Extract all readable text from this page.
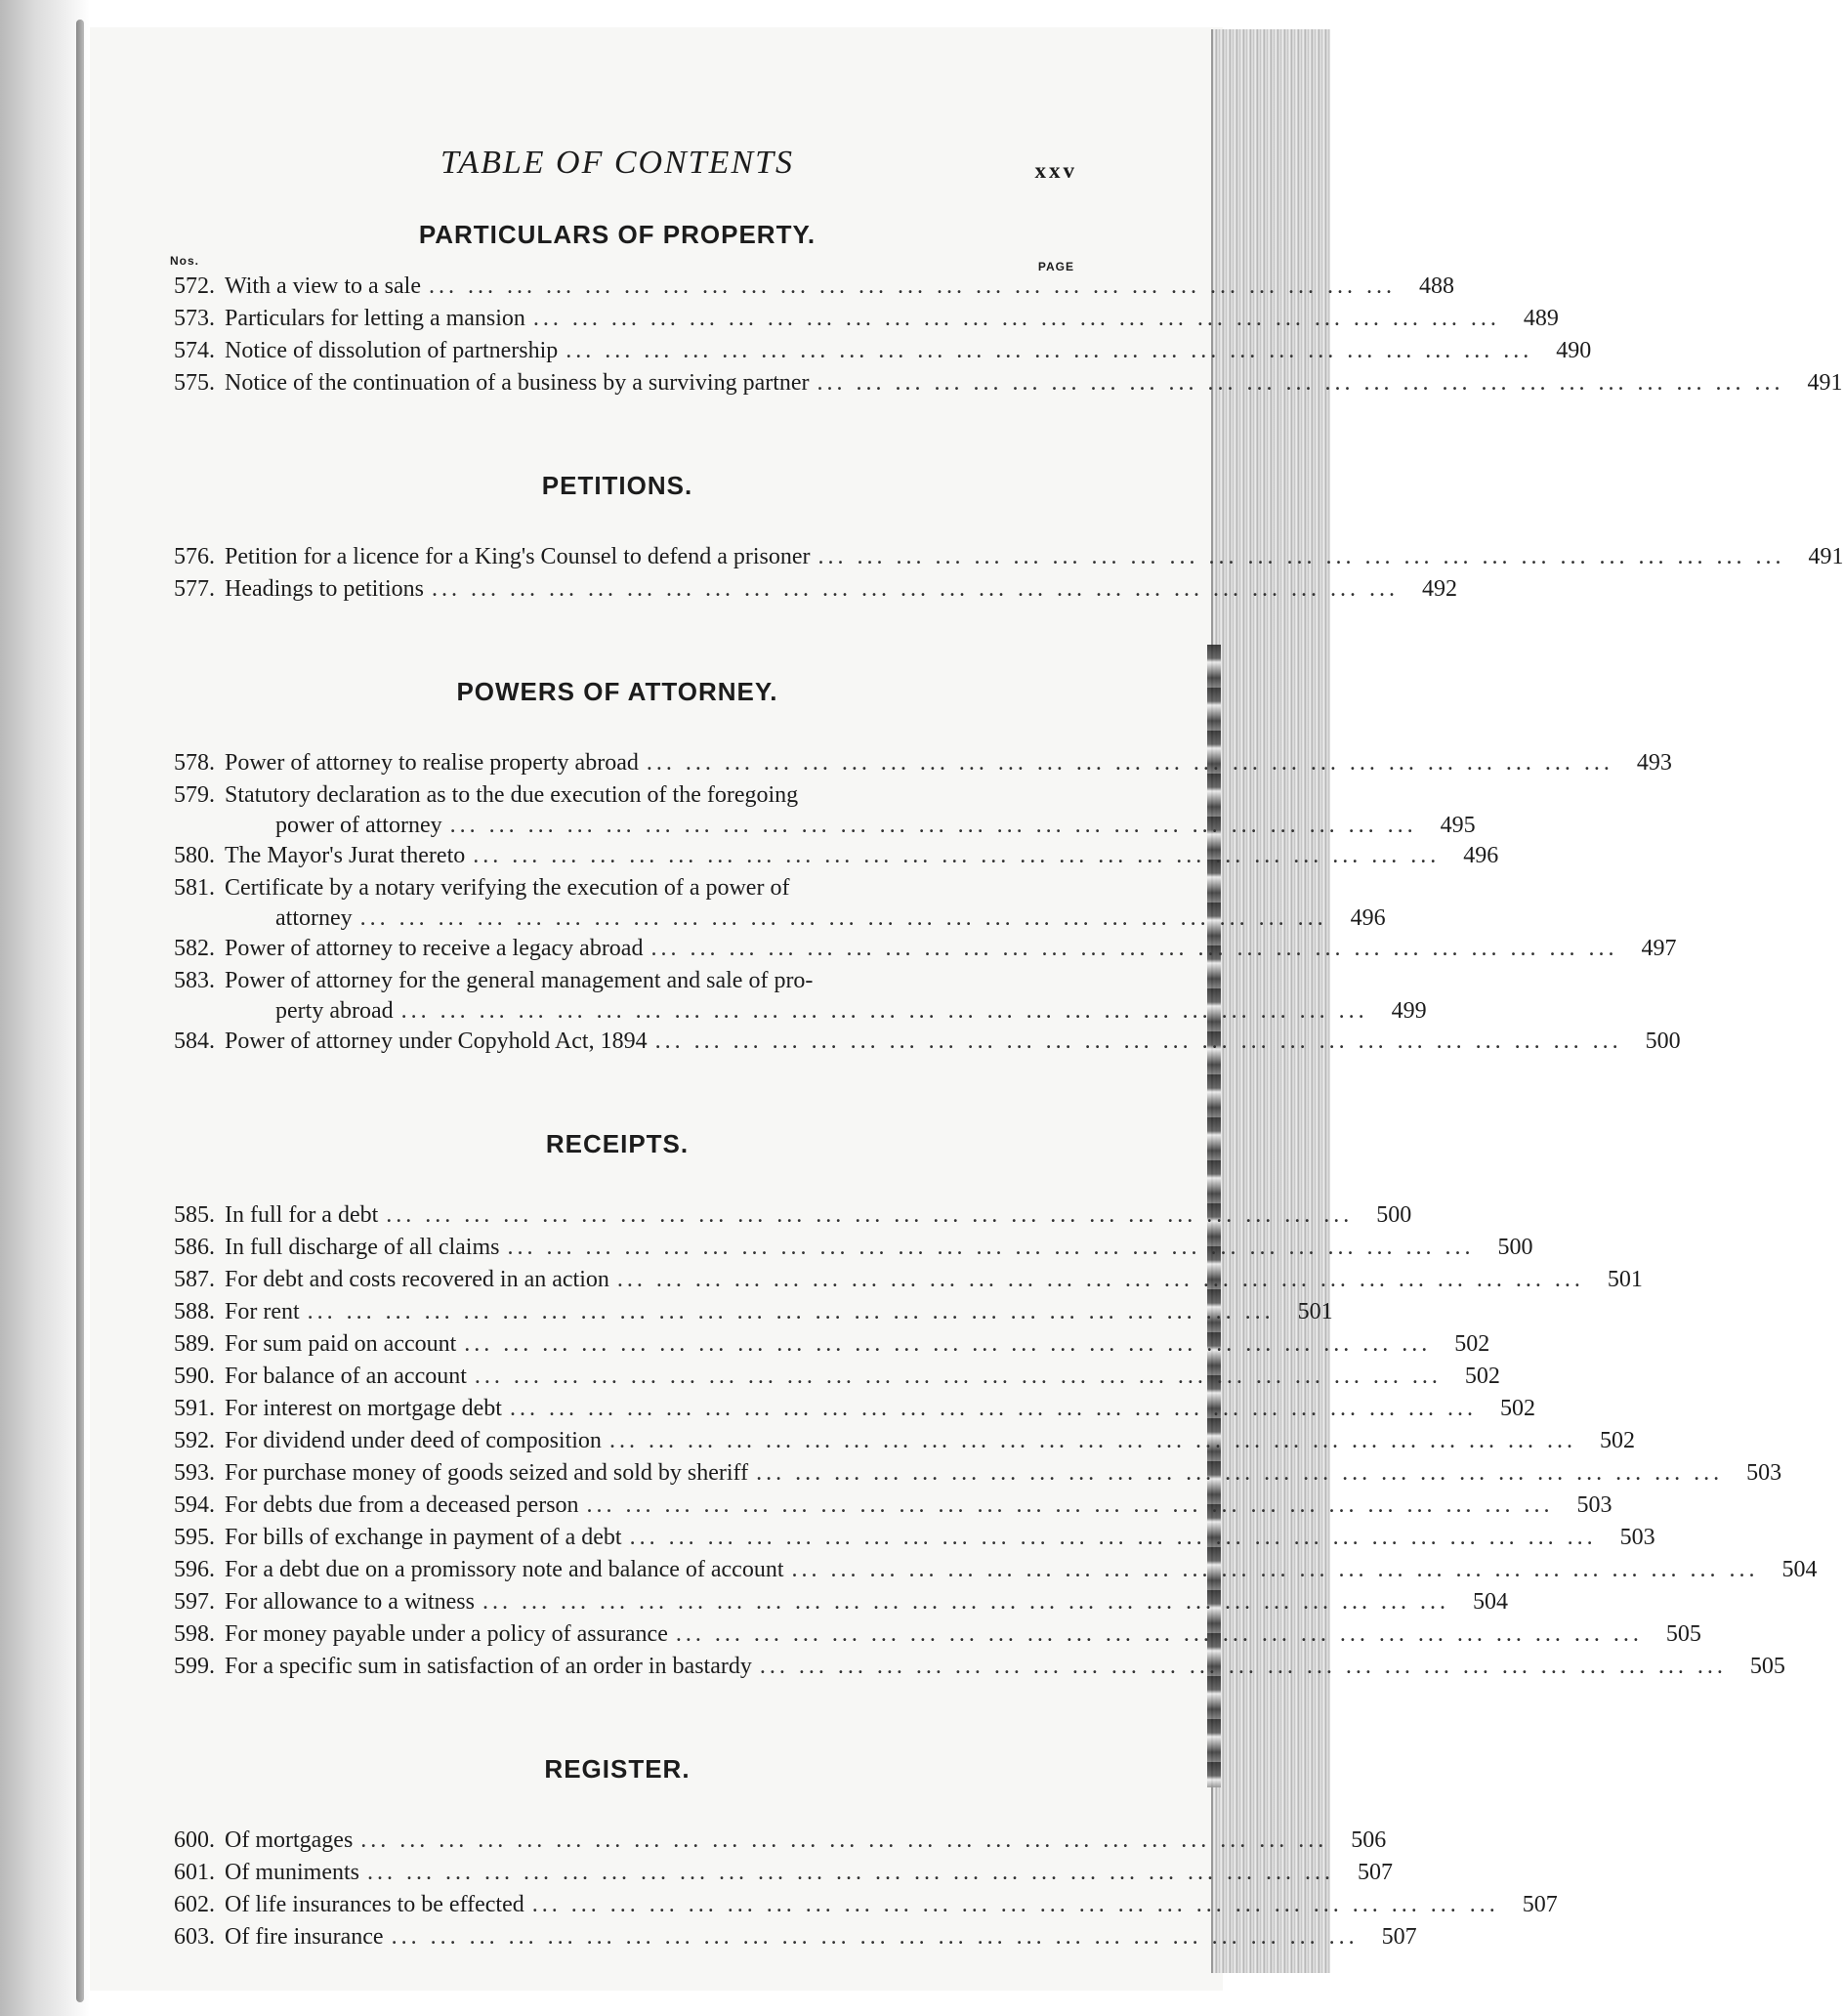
TABLE OF CONTENTS	xxv
PARTICULARS OF PROPERTY.
Nos.	PAGE
572. With a view to a sale ... ... ... ... ... ... ... ... ... ... ... ... ... ... ... ... ... ... ... ... ... ... ... ... ...	488
573. Particulars for letting a mansion ... ... ... ... ... ... ... ... ... ... ... ... ... ... ... ... ... ... ... ... ... ... ... ... ...	489
574. Notice of dissolution of partnership ... ... ... ... ... ... ... ... ... ... ... ... ... ... ... ... ... ... ... ... ... ... ... ... ...	490
575. Notice of the continuation of a business by a surviving partner ... ... ... ... ... ... ... ... ... ... ... ... ... ... ... ... ... ... ... ... ... ... ... ... ...	491
PETITIONS.
576. Petition for a licence for a King's Counsel to defend a prisoner ... ... ... ... ... ... ... ... ... ... ... ... ... ... ... ... ... ... ... ... ... ... ... ... ...	491
577. Headings to petitions ... ... ... ... ... ... ... ... ... ... ... ... ... ... ... ... ... ... ... ... ... ... ... ... ...	492
POWERS OF ATTORNEY.
578. Power of attorney to realise property abroad ... ... ... ... ... ... ... ... ... ... ... ... ... ... ... ... ... ... ... ... ... ... ... ... ...	493
579. Statutory declaration as to the due execution of the foregoing
power of attorney ... ... ... ... ... ... ... ... ... ... ... ... ... ... ... ... ... ... ... ... ... ... ... ... ...	495
580. The Mayor's Jurat thereto ... ... ... ... ... ... ... ... ... ... ... ... ... ... ... ... ... ... ... ... ... ... ... ... ...	496
581. Certificate by a notary verifying the execution of a power of
attorney ... ... ... ... ... ... ... ... ... ... ... ... ... ... ... ... ... ... ... ... ... ... ... ... ...	496
582. Power of attorney to receive a legacy abroad ... ... ... ... ... ... ... ... ... ... ... ... ... ... ... ... ... ... ... ... ... ... ... ... ...	497
583. Power of attorney for the general management and sale of pro-
perty abroad ... ... ... ... ... ... ... ... ... ... ... ... ... ... ... ... ... ... ... ... ... ... ... ... ...	499
584. Power of attorney under Copyhold Act, 1894 ... ... ... ... ... ... ... ... ... ... ... ... ... ... ... ... ... ... ... ... ... ... ... ... ...	500
RECEIPTS.
585. In full for a debt ... ... ... ... ... ... ... ... ... ... ... ... ... ... ... ... ... ... ... ... ... ... ... ... ...	500
586. In full discharge of all claims ... ... ... ... ... ... ... ... ... ... ... ... ... ... ... ... ... ... ... ... ... ... ... ... ...	500
587. For debt and costs recovered in an action ... ... ... ... ... ... ... ... ... ... ... ... ... ... ... ... ... ... ... ... ... ... ... ... ...	501
588. For rent ... ... ... ... ... ... ... ... ... ... ... ... ... ... ... ... ... ... ... ... ... ... ... ... ...	501
589. For sum paid on account ... ... ... ... ... ... ... ... ... ... ... ... ... ... ... ... ... ... ... ... ... ... ... ... ...	502
590. For balance of an account ... ... ... ... ... ... ... ... ... ... ... ... ... ... ... ... ... ... ... ... ... ... ... ... ...	502
591. For interest on mortgage debt ... ... ... ... ... ... ... ... ... ... ... ... ... ... ... ... ... ... ... ... ... ... ... ... ...	502
592. For dividend under deed of composition ... ... ... ... ... ... ... ... ... ... ... ... ... ... ... ... ... ... ... ... ... ... ... ... ...	502
593. For purchase money of goods seized and sold by sheriff ... ... ... ... ... ... ... ... ... ... ... ... ... ... ... ... ... ... ... ... ... ... ... ... ...	503
594. For debts due from a deceased person ... ... ... ... ... ... ... ... ... ... ... ... ... ... ... ... ... ... ... ... ... ... ... ... ...	503
595. For bills of exchange in payment of a debt ... ... ... ... ... ... ... ... ... ... ... ... ... ... ... ... ... ... ... ... ... ... ... ... ...	503
596. For a debt due on a promissory note and balance of account ... ... ... ... ... ... ... ... ... ... ... ... ... ... ... ... ... ... ... ... ... ... ... ... ...	504
597. For allowance to a witness ... ... ... ... ... ... ... ... ... ... ... ... ... ... ... ... ... ... ... ... ... ... ... ... ...	504
598. For money payable under a policy of assurance ... ... ... ... ... ... ... ... ... ... ... ... ... ... ... ... ... ... ... ... ... ... ... ... ...	505
599. For a specific sum in satisfaction of an order in bastardy ... ... ... ... ... ... ... ... ... ... ... ... ... ... ... ... ... ... ... ... ... ... ... ... ...	505
REGISTER.
600. Of mortgages ... ... ... ... ... ... ... ... ... ... ... ... ... ... ... ... ... ... ... ... ... ... ... ... ...	506
601. Of muniments ... ... ... ... ... ... ... ... ... ... ... ... ... ... ... ... ... ... ... ... ... ... ... ... ...	507
602. Of life insurances to be effected ... ... ... ... ... ... ... ... ... ... ... ... ... ... ... ... ... ... ... ... ... ... ... ... ...	507
603. Of fire insurance ... ... ... ... ... ... ... ... ... ... ... ... ... ... ... ... ... ... ... ... ... ... ... ... ...	507
